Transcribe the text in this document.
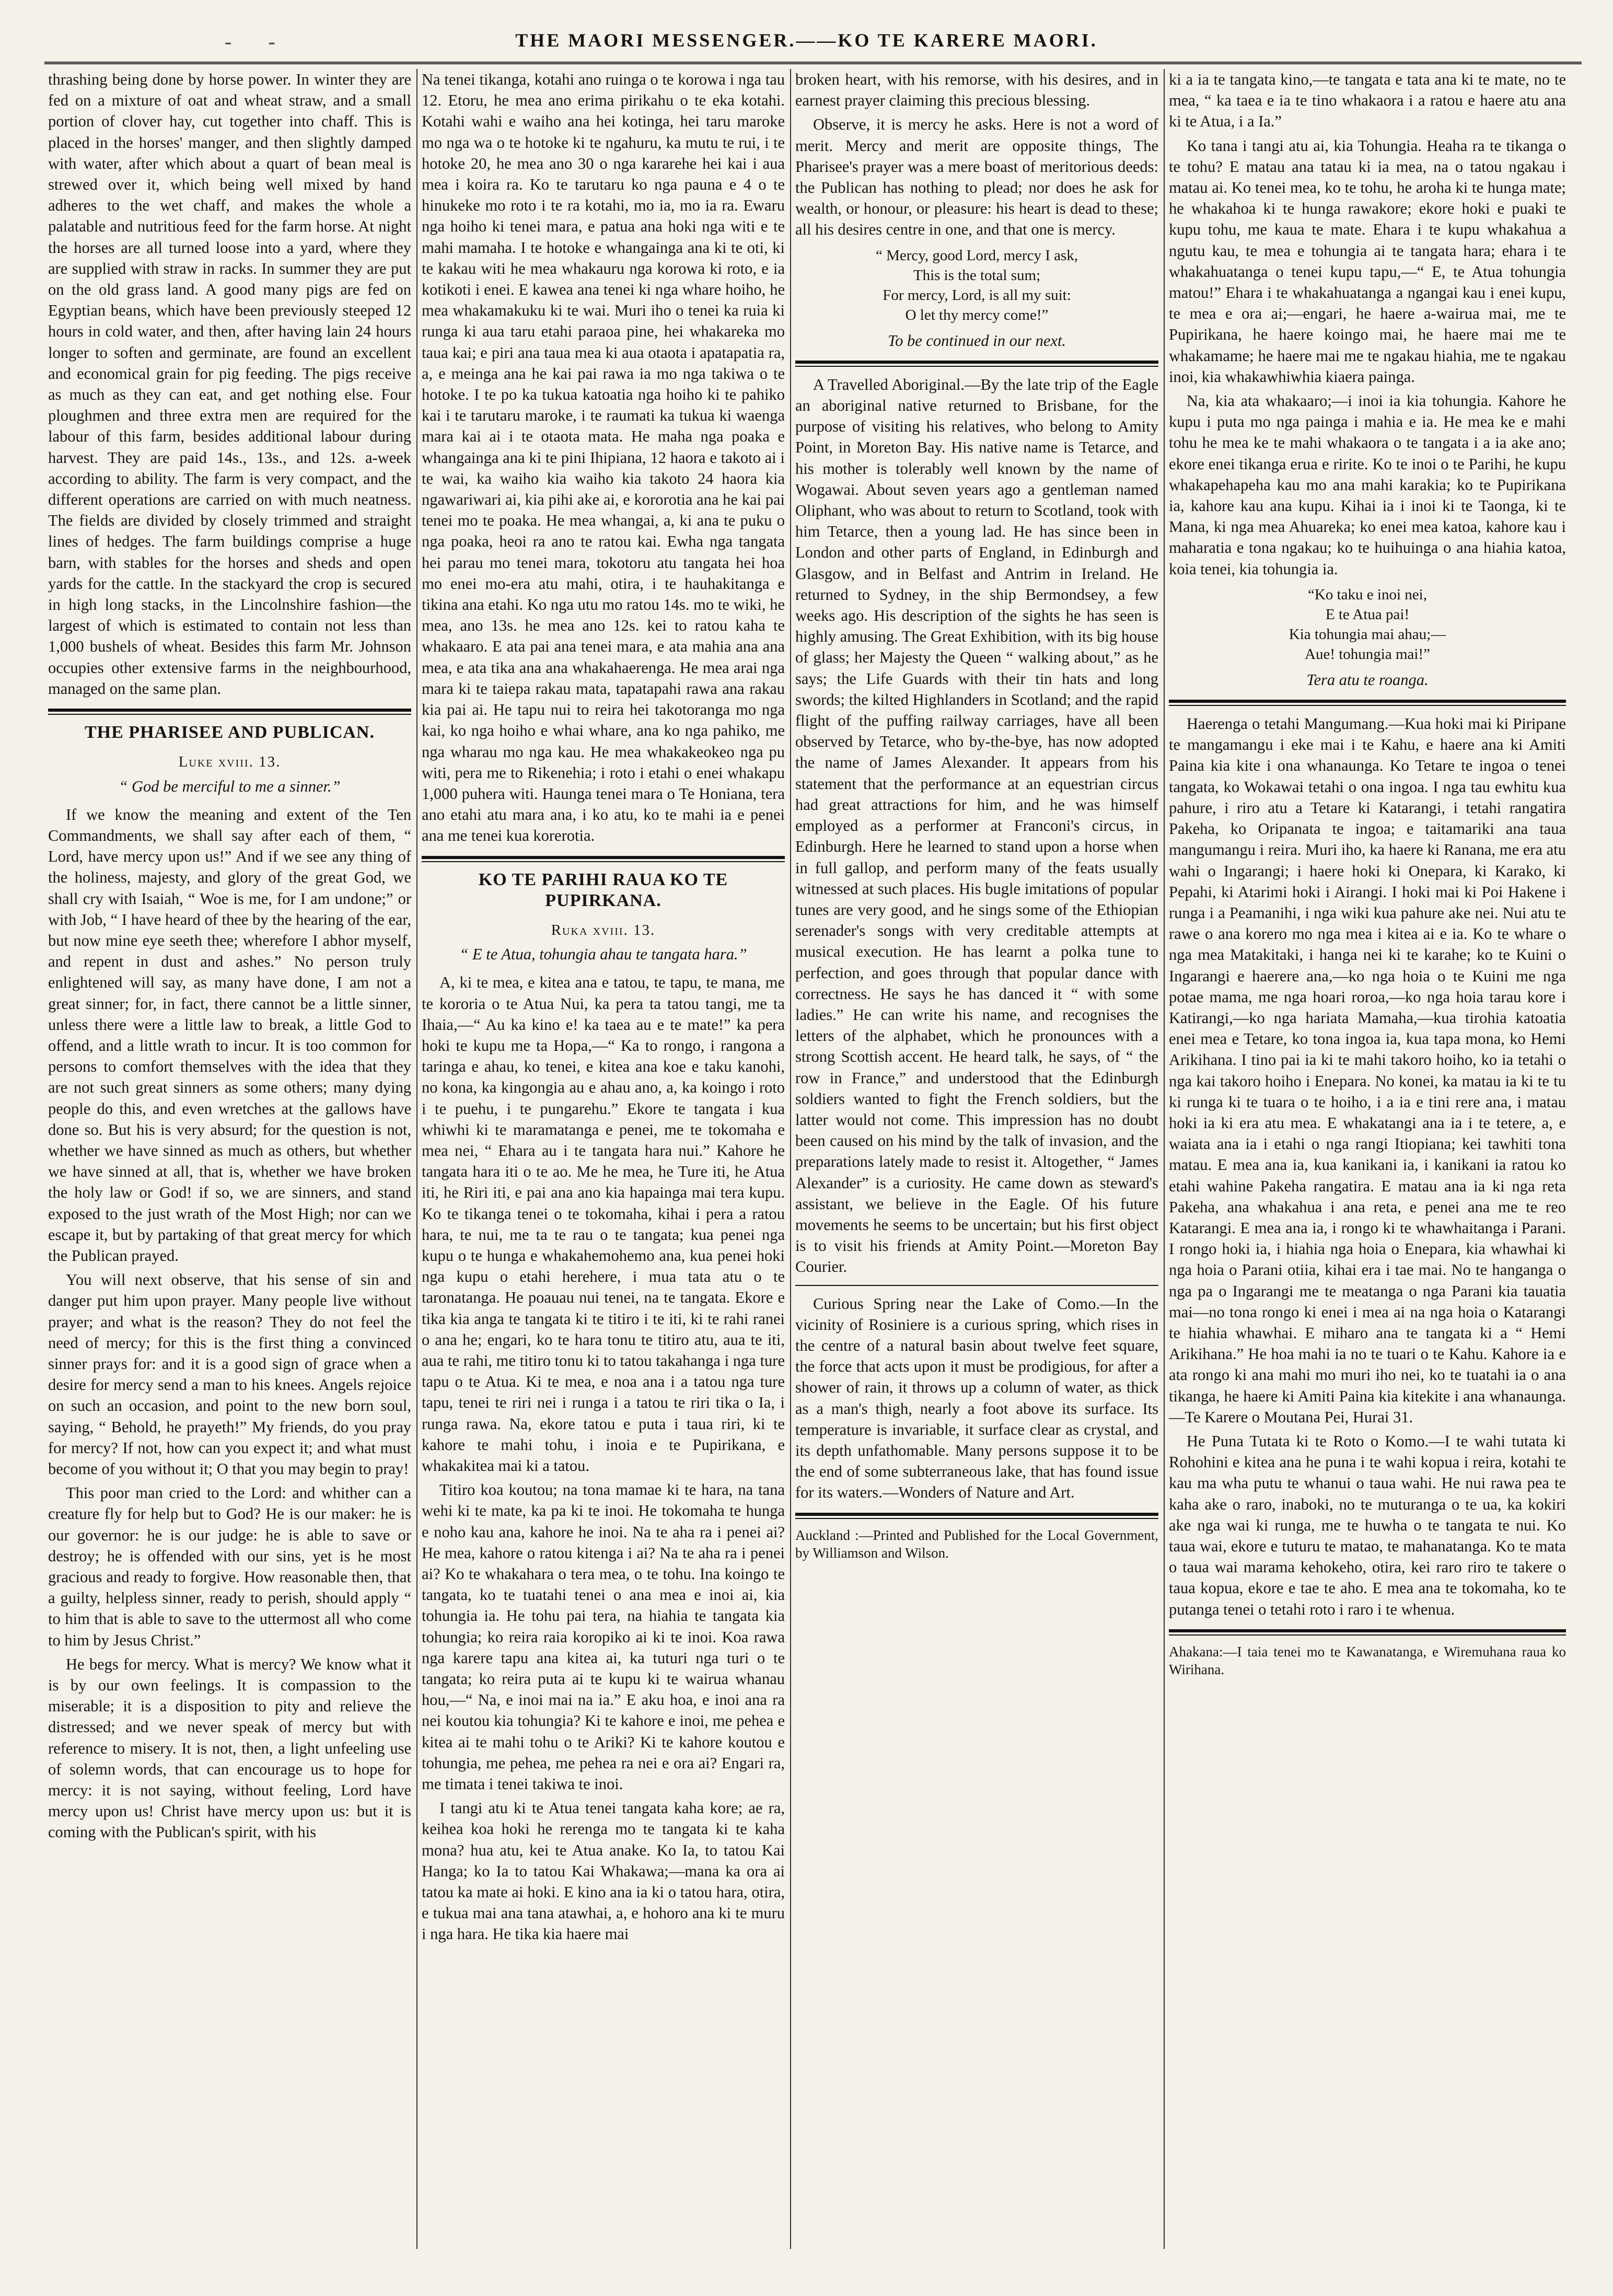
- -	THE MAORI MESSENGER.——KO TE KARERE MAORI.

thrashing being done by horse power. In winter they are fed on a mixture of oat and wheat straw, and a small portion of clover hay, cut together into chaff. This is placed in the horses' manger, and then slightly damped with water, after which about a quart of bean meal is strewed over it, which being well mixed by hand adheres to the wet chaff, and makes the whole a palatable and nutritious feed for the farm horse. At night the horses are all turned loose into a yard, where they are supplied with straw in racks. In summer they are put on the old grass land. A good many pigs are fed on Egyptian beans, which have been previously steeped 12 hours in cold water, and then, after having lain 24 hours longer to soften and germinate, are found an excellent and economical grain for pig feeding. The pigs receive as much as they can eat, and get nothing else. Four ploughmen and three extra men are required for the labour of this farm, besides additional labour during harvest. They are paid 14s., 13s., and 12s. a-week according to ability. The farm is very compact, and the different operations are carried on with much neatness. The fields are divided by closely trimmed and straight lines of hedges. The farm buildings comprise a huge barn, with stables for the horses and sheds and open yards for the cattle. In the stackyard the crop is secured in high long stacks, in the Lincolnshire fashion—the largest of which is estimated to contain not less than 1,000 bushels of wheat. Besides this farm Mr. Johnson occupies other extensive farms in the neighbourhood, managed on the same plan.

THE PHARISEE AND PUBLICAN.
Luke xviii. 13.
“ God be merciful to me a sinner.”

If we know the meaning and extent of the Ten Commandments, we shall say after each of them, “ Lord, have mercy upon us!” And if we see any thing of the holiness, majesty, and glory of the great God, we shall cry with Isaiah, “ Woe is me, for I am undone;” or with Job, “ I have heard of thee by the hearing of the ear, but now mine eye seeth thee; wherefore I abhor myself, and repent in dust and ashes.” No person truly enlightened will say, as many have done, I am not a great sinner; for, in fact, there cannot be a little sinner, unless there were a little law to break, a little God to offend, and a little wrath to incur. It is too common for persons to comfort themselves with the idea that they are not such great sinners as some others; many dying people do this, and even wretches at the gallows have done so. But his is very absurd; for the question is not, whether we have sinned as much as others, but whether we have sinned at all, that is, whether we have broken the holy law or God! if so, we are sinners, and stand exposed to the just wrath of the Most High; nor can we escape it, but by partaking of that great mercy for which the Publican prayed.

You will next observe, that his sense of sin and danger put him upon prayer. Many people live without prayer; and what is the reason? They do not feel the need of mercy; for this is the first thing a convinced sinner prays for: and it is a good sign of grace when a desire for mercy send a man to his knees. Angels rejoice on such an occasion, and point to the new born soul, saying, “ Behold, he prayeth!” My friends, do you pray for mercy? If not, how can you expect it; and what must become of you without it; O that you may begin to pray!

This poor man cried to the Lord: and whither can a creature fly for help but to God? He is our maker: he is our governor: he is our judge: he is able to save or destroy; he is offended with our sins, yet is he most gracious and ready to forgive. How reasonable then, that a guilty, helpless sinner, ready to perish, should apply “ to him that is able to save to the uttermost all who come to him by Jesus Christ.”

He begs for mercy. What is mercy? We know what it is by our own feelings. It is compassion to the miserable; it is a disposition to pity and relieve the distressed; and we never speak of mercy but with reference to misery. It is not, then, a light unfeeling use of solemn words, that can encourage us to hope for mercy: it is not saying, without feeling, Lord have mercy upon us! Christ have mercy upon us: but it is coming with the Publican's spirit, with his

Na tenei tikanga, kotahi ano ruinga o te korowa i nga tau 12. Etoru, he mea ano erima pirikahu o te eka kotahi. Kotahi wahi e waiho ana hei kotinga, hei taru maroke mo nga wa o te hotoke ki te ngahuru, ka mutu te rui, i te hotoke 20, he mea ano 30 o nga kararehe hei kai i aua mea i koira ra. Ko te tarutaru ko nga pauna e 4 o te hinukeke mo roto i te ra kotahi, mo ia, mo ia ra. Ewaru nga hoiho ki tenei mara, e patua ana hoki nga witi e te mahi mamaha. I te hotoke e whangainga ana ki te oti, ki te kakau witi he mea whakauru nga korowa ki roto, e ia kotikoti i enei. E kawea ana tenei ki nga whare hoiho, he mea whakamakuku ki te wai. Muri iho o tenei ka ruia ki runga ki aua taru etahi paraoa pine, hei whakareka mo taua kai; e piri ana taua mea ki aua otaota i apatapatia ra, a, e meinga ana he kai pai rawa ia mo nga takiwa o te hotoke. I te po ka tukua katoatia nga hoiho ki te pahiko kai i te tarutaru maroke, i te raumati ka tukua ki waenga mara kai ai i te otaota mata. He maha nga poaka e whangainga ana ki te pini Ihipiana, 12 haora e takoto ai i te wai, ka waiho kia waiho kia takoto 24 haora kia ngawariwari ai, kia pihi ake ai, e kororotia ana he kai pai tenei mo te poaka. He mea whangai, a, ki ana te puku o nga poaka, heoi ra ano te ratou kai. Ewha nga tangata hei parau mo tenei mara, tokotoru atu tangata hei hoa mo enei mo-era atu mahi, otira, i te hauhakitanga e tikina ana etahi. Ko nga utu mo ratou 14s. mo te wiki, he mea, ano 13s. he mea ano 12s. kei to ratou kaha te whakaaro. E ata pai ana tenei mara, e ata mahia ana ana mea, e ata tika ana ana whakahaerenga. He mea arai nga mara ki te taiepa rakau mata, tapatapahi rawa ana rakau kia pai ai. He tapu nui to reira hei takotoranga mo nga kai, ko nga hoiho e whai whare, ana ko nga pahiko, me nga wharau mo nga kau. He mea whakakeokeo nga pu witi, pera me to Rikenehia; i roto i etahi o enei whakapu 1,000 puhera witi. Haunga tenei mara o Te Honiana, tera ano etahi atu mara ana, i ko atu, ko te mahi ia e penei ana me tenei kua korerotia.

KO TE PARIHI RAUA KO TE PUPIRKANA.
Ruka xviii. 13.
“ E te Atua, tohungia ahau te tangata hara.”

A, ki te mea, e kitea ana e tatou, te tapu, te mana, me te kororia o te Atua Nui, ka pera ta tatou tangi, me ta Ihaia,—“ Au ka kino e! ka taea au e te mate!” ka pera hoki te kupu me ta Hopa,—“ Ka to rongo, i rangona a taringa e ahau, ko tenei, e kitea ana koe e taku kanohi, no kona, ka kingongia au e ahau ano, a, ka koingo i roto i te puehu, i te pungarehu.” Ekore te tangata i kua whiwhi ki te maramatanga e penei, me te tokomaha e mea nei, “ Ehara au i te tangata hara nui.” Kahore he tangata hara iti o te ao. Me he mea, he Ture iti, he Atua iti, he Riri iti, e pai ana ano kia hapainga mai tera kupu. Ko te tikanga tenei o te tokomaha, kihai i pera a ratou hara, te nui, me ta te rau o te tangata; kua penei nga kupu o te hunga e whakahemohemo ana, kua penei hoki nga kupu o etahi herehere, i mua tata atu o te taronatanga. He poauau nui tenei, na te tangata. Ekore e tika kia anga te tangata ki te titiro i te iti, ki te rahi ranei o ana he; engari, ko te hara tonu te titiro atu, aua te iti, aua te rahi, me titiro tonu ki to tatou takahanga i nga ture tapu o te Atua. Ki te mea, e noa ana i a tatou nga ture tapu, tenei te riri nei i runga i a tatou te riri tika o Ia, i runga rawa. Na, ekore tatou e puta i taua riri, ki te kahore te mahi tohu, i inoia e te Pupirikana, e whakakitea mai ki a tatou.

Titiro koa koutou; na tona mamae ki te hara, na tana wehi ki te mate, ka pa ki te inoi. He tokomaha te hunga e noho kau ana, kahore he inoi. Na te aha ra i penei ai? He mea, kahore o ratou kitenga i ai? Na te aha ra i penei ai? Ko te whakahara o tera mea, o te tohu. Ina koingo te tangata, ko te tuatahi tenei o ana mea e inoi ai, kia tohungia ia. He tohu pai tera, na hiahia te tangata kia tohungia; ko reira raia koropiko ai ki te inoi. Koa rawa nga karere tapu ana kitea ai, ka tuturi nga turi o te tangata; ko reira puta ai te kupu ki te wairua whanau hou,—“ Na, e inoi mai na ia.” E aku hoa, e inoi ana ra nei koutou kia tohungia? Ki te kahore e inoi, me pehea e kitea ai te mahi tohu o te Ariki? Ki te kahore koutou e tohungia, me pehea, me pehea ra nei e ora ai? Engari ra, me timata i tenei takiwa te inoi.

I tangi atu ki te Atua tenei tangata kaha kore; ae ra, keihea koa hoki he rerenga mo te tangata ki te kaha mona? hua atu, kei te Atua anake. Ko Ia, to tatou Kai Hanga; ko Ia to tatou Kai Whakawa;—mana ka ora ai tatou ka mate ai hoki. E kino ana ia ki o tatou hara, otira, e tukua mai ana tana atawhai, a, e hohoro ana ki te muru i nga hara. He tika kia haere mai

broken heart, with his remorse, with his desires, and in earnest prayer claiming this precious blessing.

Observe, it is mercy he asks. Here is not a word of merit. Mercy and merit are opposite things, The Pharisee's prayer was a mere boast of meritorious deeds: the Publican has nothing to plead; nor does he ask for wealth, or honour, or pleasure: his heart is dead to these; all his desires centre in one, and that one is mercy.

“ Mercy, good Lord, mercy I ask,
This is the total sum;
For mercy, Lord, is all my suit:
O let thy mercy come!”
To be continued in our next.

A Travelled Aboriginal.—By the late trip of the Eagle an aboriginal native returned to Brisbane, for the purpose of visiting his relatives, who belong to Amity Point, in Moreton Bay. His native name is Tetarce, and his mother is tolerably well known by the name of Wogawai. About seven years ago a gentleman named Oliphant, who was about to return to Scotland, took with him Tetarce, then a young lad. He has since been in London and other parts of England, in Edinburgh and Glasgow, and in Belfast and Antrim in Ireland. He returned to Sydney, in the ship Bermondsey, a few weeks ago. His description of the sights he has seen is highly amusing. The Great Exhibition, with its big house of glass; her Majesty the Queen “ walking about,” as he says; the Life Guards with their tin hats and long swords; the kilted Highlanders in Scotland; and the rapid flight of the puffing railway carriages, have all been observed by Tetarce, who by-the-bye, has now adopted the name of James Alexander. It appears from his statement that the performance at an equestrian circus had great attractions for him, and he was himself employed as a performer at Franconi's circus, in Edinburgh. Here he learned to stand upon a horse when in full gallop, and perform many of the feats usually witnessed at such places. His bugle imitations of popular tunes are very good, and he sings some of the Ethiopian serenader's songs with very creditable attempts at musical execution. He has learnt a polka tune to perfection, and goes through that popular dance with correctness. He says he has danced it “ with some ladies.” He can write his name, and recognises the letters of the alphabet, which he pronounces with a strong Scottish accent. He heard talk, he says, of “ the row in France,” and understood that the Edinburgh soldiers wanted to fight the French soldiers, but the latter would not come. This impression has no doubt been caused on his mind by the talk of invasion, and the preparations lately made to resist it. Altogether, “ James Alexander” is a curiosity. He came down as steward's assistant, we believe in the Eagle. Of his future movements he seems to be uncertain; but his first object is to visit his friends at Amity Point.—Moreton Bay Courier.

Curious Spring near the Lake of Como.—In the vicinity of Rosiniere is a curious spring, which rises in the centre of a natural basin about twelve feet square, the force that acts upon it must be prodigious, for after a shower of rain, it throws up a column of water, as thick as a man's thigh, nearly a foot above its surface. Its temperature is invariable, it surface clear as crystal, and its depth unfathomable. Many persons suppose it to be the end of some subterraneous lake, that has found issue for its waters.—Wonders of Nature and Art.

Auckland :—Printed and Published for the Local Government, by Williamson and Wilson.

ki a ia te tangata kino,—te tangata e tata ana ki te mate, no te mea, “ ka taea e ia te tino whakaora i a ratou e haere atu ana ki te Atua, i a Ia.”

Ko tana i tangi atu ai, kia Tohungia. Heaha ra te tikanga o te tohu? E matau ana tatau ki ia mea, na o tatou ngakau i matau ai. Ko tenei mea, ko te tohu, he aroha ki te hunga mate; he whakahoa ki te hunga rawakore; ekore hoki e puaki te kupu tohu, me kaua te mate. Ehara i te kupu whakahua a ngutu kau, te mea e tohungia ai te tangata hara; ehara i te whakahuatanga o tenei kupu tapu,—“ E, te Atua tohungia matou!” Ehara i te whakahuatanga a ngangai kau i enei kupu, te mea e ora ai;—engari, he haere a-wairua mai, me te Pupirikana, he haere koingo mai, he haere mai me te whakamame; he haere mai me te ngakau hiahia, me te ngakau inoi, kia whakawhiwhia kiaera painga.

Na, kia ata whakaaro;—i inoi ia kia tohungia. Kahore he kupu i puta mo nga painga i mahia e ia. He mea ke e mahi tohu he mea ke te mahi whakaora o te tangata i a ia ake ano; ekore enei tikanga erua e ririte. Ko te inoi o te Parihi, he kupu whakapehapeha kau mo ana mahi karakia; ko te Pupirikana ia, kahore kau ana kupu. Kihai ia i inoi ki te Taonga, ki te Mana, ki nga mea Ahuareka; ko enei mea katoa, kahore kau i maharatia e tona ngakau; ko te huihuinga o ana hiahia katoa, koia tenei, kia tohungia ia.

“Ko taku e inoi nei,
E te Atua pai!
Kia tohungia mai ahau;—
Aue! tohungia mai!”
Tera atu te roanga.

Haerenga o tetahi Mangumang.—Kua hoki mai ki Piripane te mangamangu i eke mai i te Kahu, e haere ana ki Amiti Paina kia kite i ona whanaunga. Ko Tetare te ingoa o tenei tangata, ko Wokawai tetahi o ona ingoa. I nga tau ewhitu kua pahure, i riro atu a Tetare ki Katarangi, i tetahi rangatira Pakeha, ko Oripanata te ingoa; e taitamariki ana taua mangumangu i reira. Muri iho, ka haere ki Ranana, me era atu wahi o Ingarangi; i haere hoki ki Onepara, ki Karako, ki Pepahi, ki Atarimi hoki i Airangi. I hoki mai ki Poi Hakene i runga i a Peamanihi, i nga wiki kua pahure ake nei. Nui atu te rawe o ana korero mo nga mea i kitea ai e ia. Ko te whare o nga mea Matakitaki, i hanga nei ki te karahe; ko te Kuini o Ingarangi e haerere ana,—ko nga hoia o te Kuini me nga potae mama, me nga hoari roroa,—ko nga hoia tarau kore i Katirangi,—ko nga hariata Mamaha,—kua tirohia katoatia enei mea e Tetare, ko tona ingoa ia, kua tapa mona, ko Hemi Arikihana. I tino pai ia ki te mahi takoro hoiho, ko ia tetahi o nga kai takoro hoiho i Enepara. No konei, ka matau ia ki te tu ki runga ki te tuara o te hoiho, i a ia e tini rere ana, i matau hoki ia ki era atu mea. E whakatangi ana ia i te tetere, a, e waiata ana ia i etahi o nga rangi Itiopiana; kei tawhiti tona matau. E mea ana ia, kua kanikani ia, i kanikani ia ratou ko etahi wahine Pakeha rangatira. E matau ana ia ki nga reta Pakeha, ana whakahua i ana reta, e penei ana me te reo Katarangi. E mea ana ia, i rongo ki te whawhaitanga i Parani. I rongo hoki ia, i hiahia nga hoia o Enepara, kia whawhai ki nga hoia o Parani otiia, kihai era i tae mai. No te hanganga o nga pa o Ingarangi me te meatanga o nga Parani kia tauatia mai—no tona rongo ki enei i mea ai na nga hoia o Katarangi te hiahia whawhai. E miharo ana te tangata ki a “ Hemi Arikihana.” He hoa mahi ia no te tuari o te Kahu. Kahore ia e ata rongo ki ana mahi mo muri iho nei, ko te tuatahi ia o ana tikanga, he haere ki Amiti Paina kia kitekite i ana whanaunga.—Te Karere o Moutana Pei, Hurai 31.

He Puna Tutata ki te Roto o Komo.—I te wahi tutata ki Rohohini e kitea ana he puna i te wahi kopua i reira, kotahi te kau ma wha putu te whanui o taua wahi. He nui rawa pea te kaha ake o raro, inaboki, no te muturanga o te ua, ka kokiri ake nga wai ki runga, me te huwha o te tangata te nui. Ko taua wai, ekore e tuturu te matao, te mahanatanga. Ko te mata o taua wai marama kehokeho, otira, kei raro riro te takere o taua kopua, ekore e tae te aho. E mea ana te tokomaha, ko te putanga tenei o tetahi roto i raro i te whenua.

Ahakana:—I taia tenei mo te Kawanatanga, e Wiremuhana raua ko Wirihana.
